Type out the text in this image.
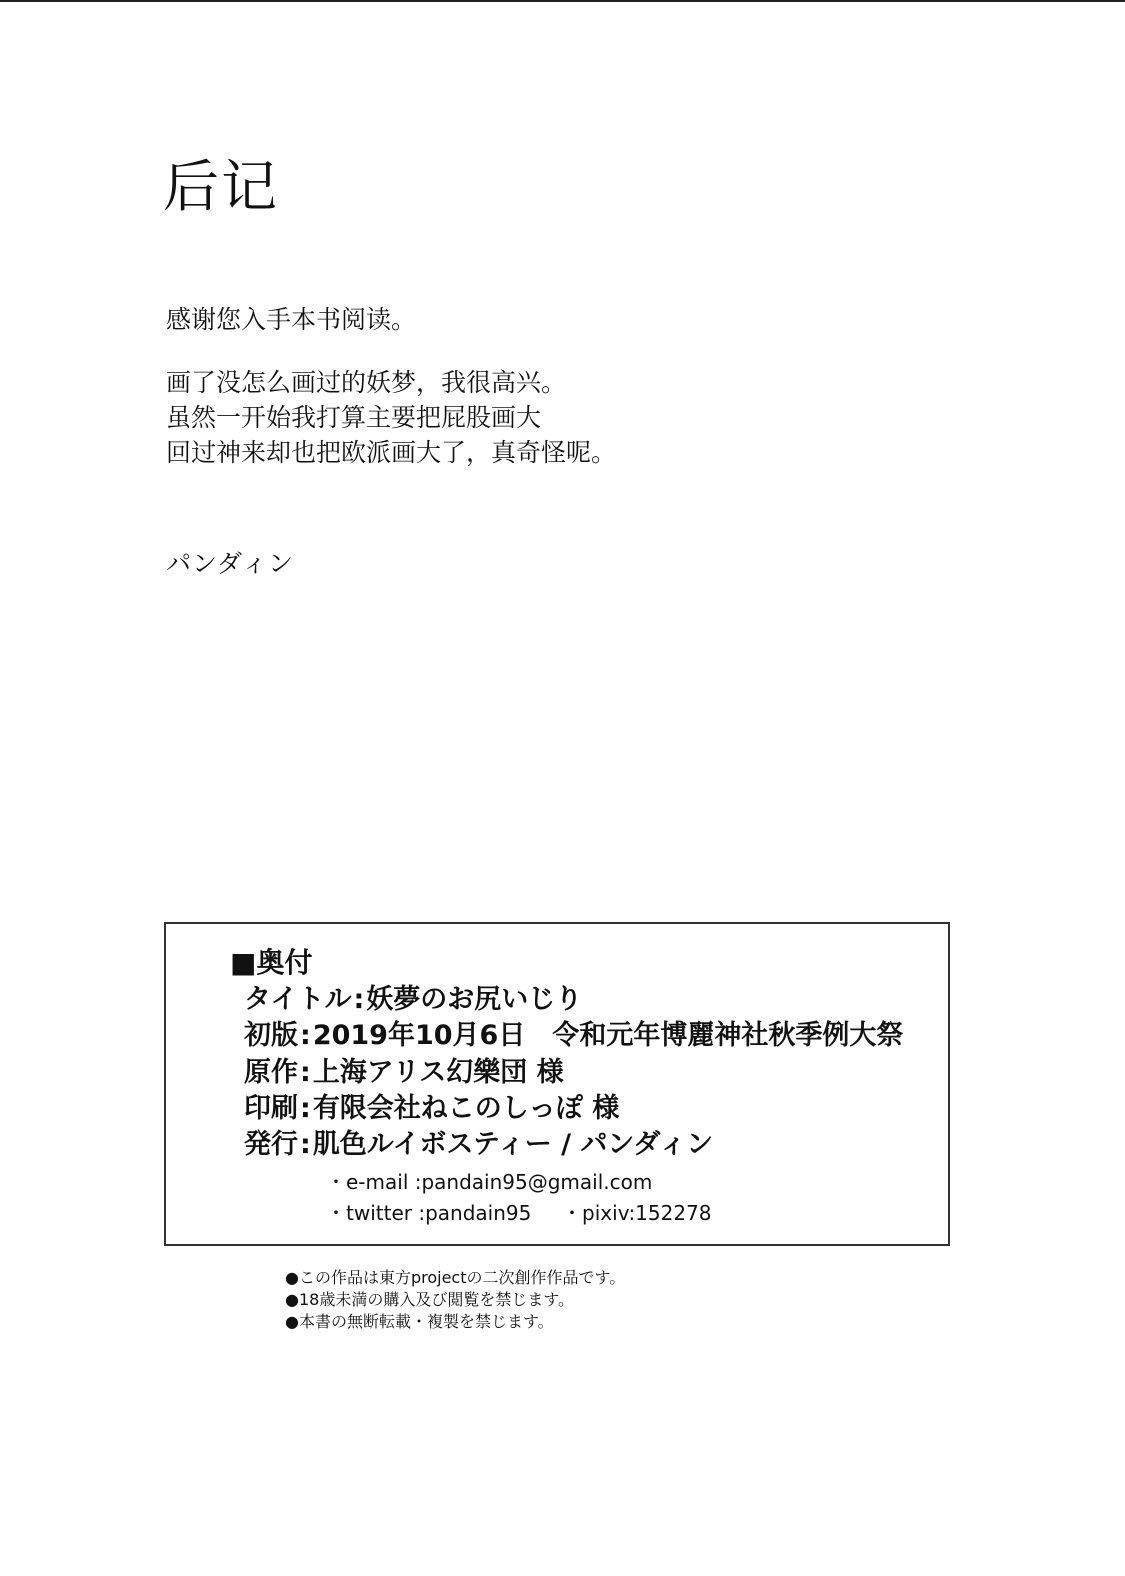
后记
感谢您入手本书阅读。
画了没怎么画过的妖梦，我很高兴。
虽然一开始我打算主要把屁股画大
回过神来却也把欧派画大了，真奇怪呢。
パンダィン
■奥付
タイトル:妖夢のお尻いじり
初版:2019年10月6日　令和元年博麗神社秋季例大祭
原作:上海アリス幻樂団 様
印刷:有限会社ねこのしっぽ 様
発行:肌色ルイボスティー / パンダィン
・e-mail :pandain95@gmail.com
・twitter :pandain95 ・pixiv:152278
●この作品は東方projectの二次創作作品です。
●18歳未満の購入及び閲覧を禁じます。
●本書の無断転載・複製を禁じます。
